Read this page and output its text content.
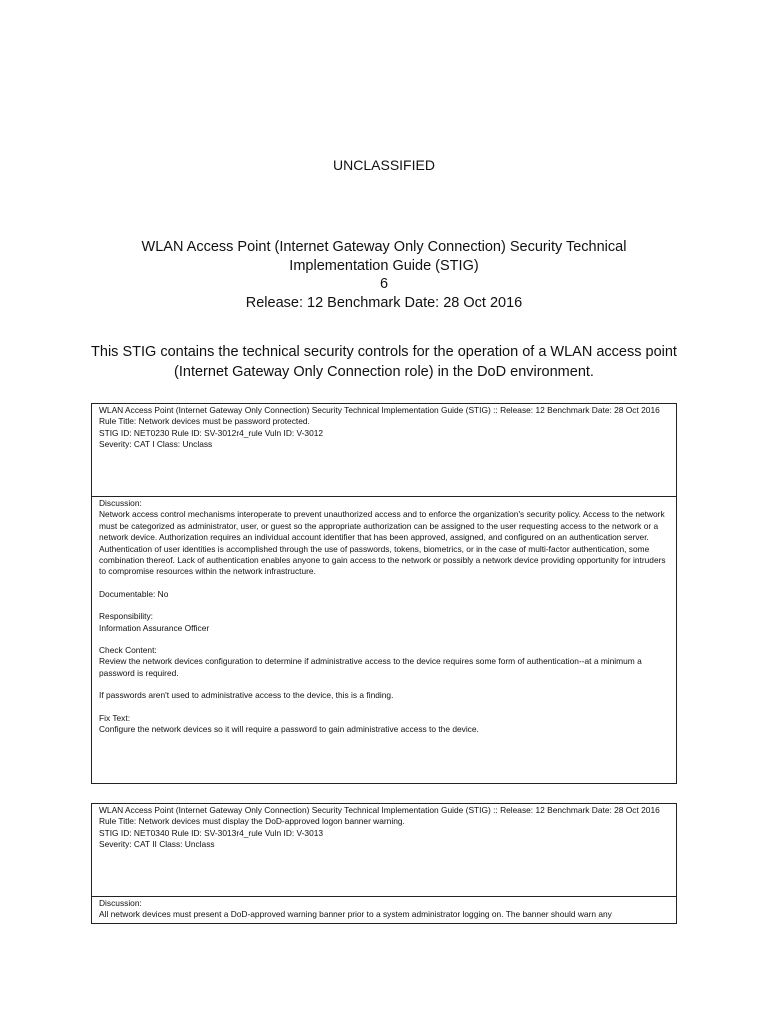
UNCLASSIFIED
WLAN Access Point (Internet Gateway Only Connection) Security Technical
Implementation Guide (STIG)
6
Release: 12 Benchmark Date: 28 Oct 2016
This STIG contains the technical security controls for the operation of a WLAN access point (Internet Gateway Only Connection role) in the DoD environment.

WLAN Access Point (Internet Gateway Only Connection) Security Technical Implementation Guide (STIG) :: Release: 12 Benchmark Date: 28 Oct 2016

Rule Title: Network devices must be password protected.

STIG ID: NET0230 Rule ID: SV-3012r4_rule Vuln ID: V-3012

Severity: CAT I Class: Unclass

Discussion:

Network access control mechanisms interoperate to prevent unauthorized access and to enforce the organization's security policy. Access to the network must be categorized as administrator, user, or guest so the appropriate authorization can be assigned to the user requesting access to the network or a network device. Authorization requires an individual account identifier that has been approved, assigned, and configured on an authentication server. Authentication of user identities is accomplished through the use of passwords, tokens, biometrics, or in the case of multi-factor authentication, some combination thereof. Lack of authentication enables anyone to gain access to the network or possibly a network device providing opportunity for intruders to compromise resources within the network infrastructure.

Documentable: No

Responsibility:

Information Assurance Officer

Check Content:

Review the network devices configuration to determine if administrative access to the device requires some form of authentication--at a minimum a password is required.

If passwords aren't used to administrative access to the device, this is a finding.

Fix Text:

Configure the network devices so it will require a password to gain administrative access to the device.

WLAN Access Point (Internet Gateway Only Connection) Security Technical Implementation Guide (STIG) :: Release: 12 Benchmark Date: 28 Oct 2016

Rule Title: Network devices must display the DoD-approved logon banner warning.

STIG ID: NET0340 Rule ID: SV-3013r4_rule Vuln ID: V-3013

Severity: CAT II Class: Unclass

Discussion:

All network devices must present a DoD-approved warning banner prior to a system administrator logging on. The banner should warn any
